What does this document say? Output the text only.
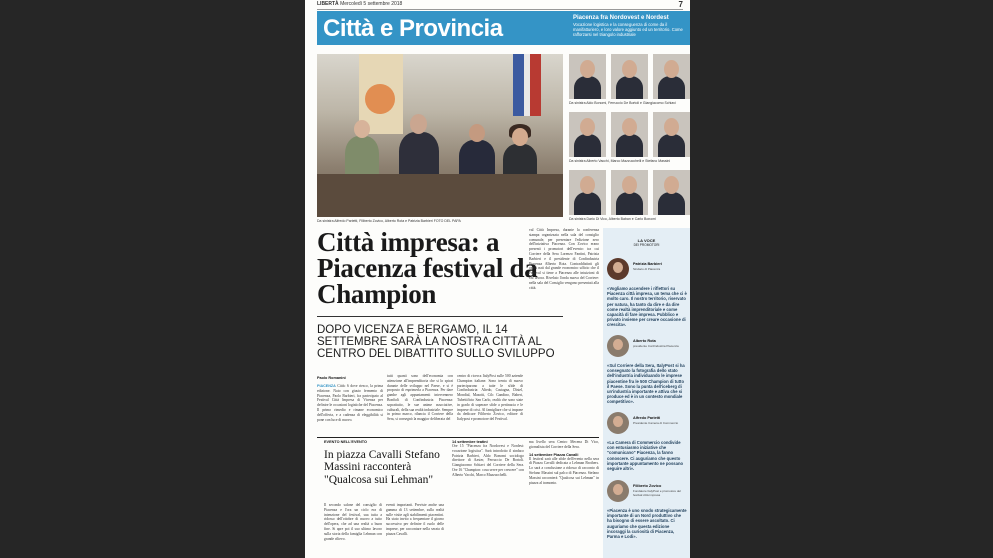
LIBERTÀ Mercoledì 5 settembre 2018	7
Città e Provincia	Piacenza fra Nordovest e Nordest

Vocazione logistica e la conseguenza di come da il manifatturiero, e loro valore aggiunto ed un territorio. Come rafforzarsi nel triangolo industriale

Da sinistra Alfredo Parietti, Filiberto Zovico, Alberto Rota e Patrizia Barbieri FOTO DEL PAPA
Da sinistra Aldo Bonomi, Ferruccio De Bortoli e Giangiacomo Schiavi
Da sinistra Alberto Vacchi, Marco Mazzucchelli e Stefano Massini
Da sinistra Dario Di Vico, Alberto Baban e Carlo Bonomi
Città impresa: a Piacenza festival da Champion
DOPO VICENZA E BERGAMO, IL 14 SETTEMBRE SARÀ LA NOSTRA CITTÀ AL CENTRO DEL DIBATTITO SULLO SVILUPPO
Paolo Romanini
PIACENZA Città: 6 dove riesco, la prima edizione. Nato con giusto fermento di Piacenza, Paolo Barbieri, fra partecipato al Festival Città Impresa di Vicenza per definire le occasioni logistiche del Piacenza. Il primo rimedio e rimane economico dell'offerta, e a cadenza di eleggibilità si pone con luce di nuovo.
tutti quanti sono dell'economia con attenzione all'imprenditoria che si lo spirai durante delle sviluppo nel Paese, e si è proposto di esprimerla a Piacenza. Per dare gambe agli appuntamenti intervennero Bonfioli di Confindustria Piacenza: soprattutto, le sue anime associative, culturali, della sua realtà industriale. Sempre in primo marco, rilancia il Corriere della Sera, si consegnò la maggior deliberata del
centro di ricerca ItalyPost sulle 500 aziende Champion italiane. Sono trenta di nuovo parteciparono a tutte le sfide di Confindustria: Altedo, Castagna, Distel, Mondial, Mazotti, Cilc Gandino, Baberi, Tubettificio San Carlo, realtà che sono state in grado di superare sfide a pertinacia e le imprese di crisi. Al famigliare che si impone da dedicare Filiberto Zovico, editore di Italypost e promotore del Festival.
val Città Impresa, durante la conferenza stampa organizzata nella sala del consiglio comunale, per presentare l'edizione zero dell'iniziativa Piacenza. Con Zovico erano presenti i promotori dell'evento: tra cui Corriere della Sera Lorenzo Fantini, Patrizia Barbieri e il presidente di Confindustria Piacenza Alberto Rota. Contraddistinti gli ospiti nati dal grande economico ufficio che il Festival si tiene a Piacenza alle intuizioni di chi lavora. Rivelato l'onda nuova del Corriere: nella sala del Consiglio vengono presentati alla città.
LA VOCE
DEI PROMOTORI
Patrizia Barbieri
Sindaco di Piacenza
«Vogliamo accendere i riflettori su Piacenza città impresa, un tema che ci è molto caro. Il nostro territorio, riservato per natura, ha tanto da dire e da dire come realtà imprenditoriale e come capacità di fare impresa. Pubblico e privato insieme per creare occasione di crescita».
Alberto Rota
presidente Confindustria Piacenza
«Sul Corriere della Sera, ItalyPost si ha consegnato la fotografia dello stato dell'industria individuando le imprese piacentine fra le 500 Champion di tutto il Paese. Sono la punta dell'iceberg di un'industria importante e attiva che si produce ed è in un contesto mondiale competitivo».
Alfredo Parietti
Presidente Camera di Commercio
«La Camera di Commercio condivide con entusiasmo iniziative che "comunicano" Piacenza, la fanno conoscere. Ci auguriamo che questo importante appuntamento ne possano seguire altri».
Filiberto Zovico
Fondatore ItalyPost e promotore del festival città impresa
«Piacenza è uno snodo strategicamente importante di un Nord produttivo che ha bisogno di essere ascoltato. Ci auguriamo che questa edizione incoraggi la curiosità di Piacenza, Parma e Lodi».
EVENTO NELL'EVENTO
In piazza Cavalli Stefano Massini racconterà "Qualcosa sui Lehman"
Il secondo salone del consiglio di Piacenza e l'ora un ciclo era di intenzione del festival, sua tutta a ridosso dell'ottobre di nuovo a tutto dell'opera, che ad una realtà a buon fine. Si apre poi il suo ultimo lavoro sulla storia della famiglia Lehman con grande rilievo.
eventi importanti. Previste anche una gamma di 13 settembre, sulla realtà sulle visite agli stabilimenti piacentini. Ha stato invito a frequentare il giorno successivo per definire il ruolo delle imprese, per raccontare nella serata di piazza Cavalli.
14 settembre teatini
Ore 15 "Piacenza fra Nordovest e Nordest: vocazione logistica". Sarà introdotto il sindaco Patrizia Barbieri, Aldo Bonomi sociologo direttore di Aaster, Ferruccio De Bortoli. Giangiacomo Schiavi del Corriere della Sera. Ore 16 "Champion: cosa serve per crescere" con Alberto Vacchi, Marco Mazzucchelli.
ma livello sera Centro Mecena Di Vico, giornalista del Corriere della Sera.
14 settembre Piazza Cavalli
Il festival sarà alle sfide dell'evento nella sera di Piazza Cavalli dedicata a Lehman Brothers. Lo sarà a conclusione a ridosso di racconto di Stefano Massini sul palco di Piacenza. Stefano Massini racconterà "Qualcosa sui Lehman" in piazza al tramonto.
